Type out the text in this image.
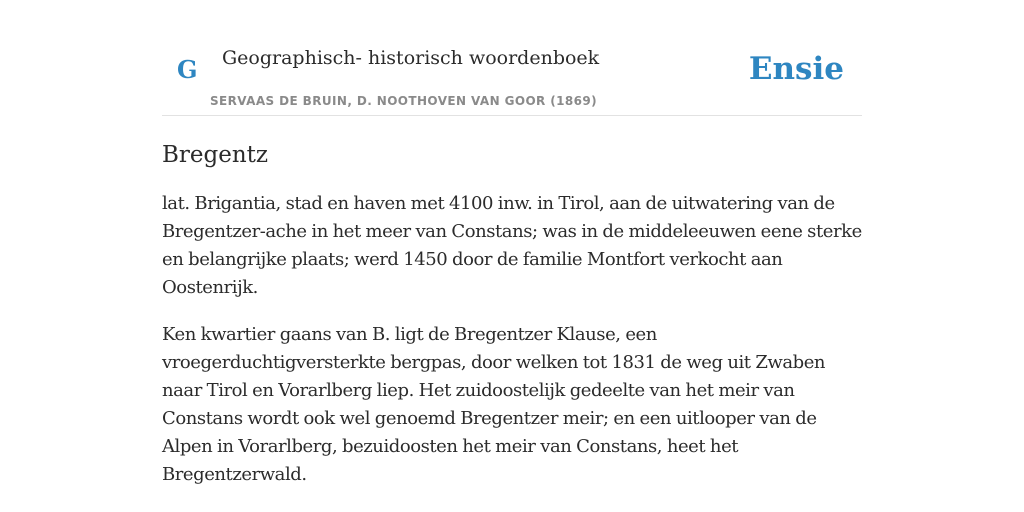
G Geographisch- historisch woordenboek
SERVAAS DE BRUIN, D. NOOTHOVEN VAN GOOR (1869)
Ensie
Bregentz

lat. Brigantia, stad en haven met 4100 inw. in Tirol, aan de uitwatering van de Bregentzer-ache in het meer van Constans; was in de middeleeuwen eene sterke en belangrijke plaats; werd 1450 door de familie Montfort verkocht aan Oostenrijk.

Ken kwartier gaans van B. ligt de Bregentzer Klause, een vroegerduchtigversterkte bergpas, door welken tot 1831 de weg uit Zwaben naar Tirol en Vorarlberg liep. Het zuidoostelijk gedeelte van het meir van Constans wordt ook wel genoemd Bregentzer meir; en een uitlooper van de Alpen in Vorarlberg, bezuidoosten het meir van Constans, heet het Bregentzerwald.
